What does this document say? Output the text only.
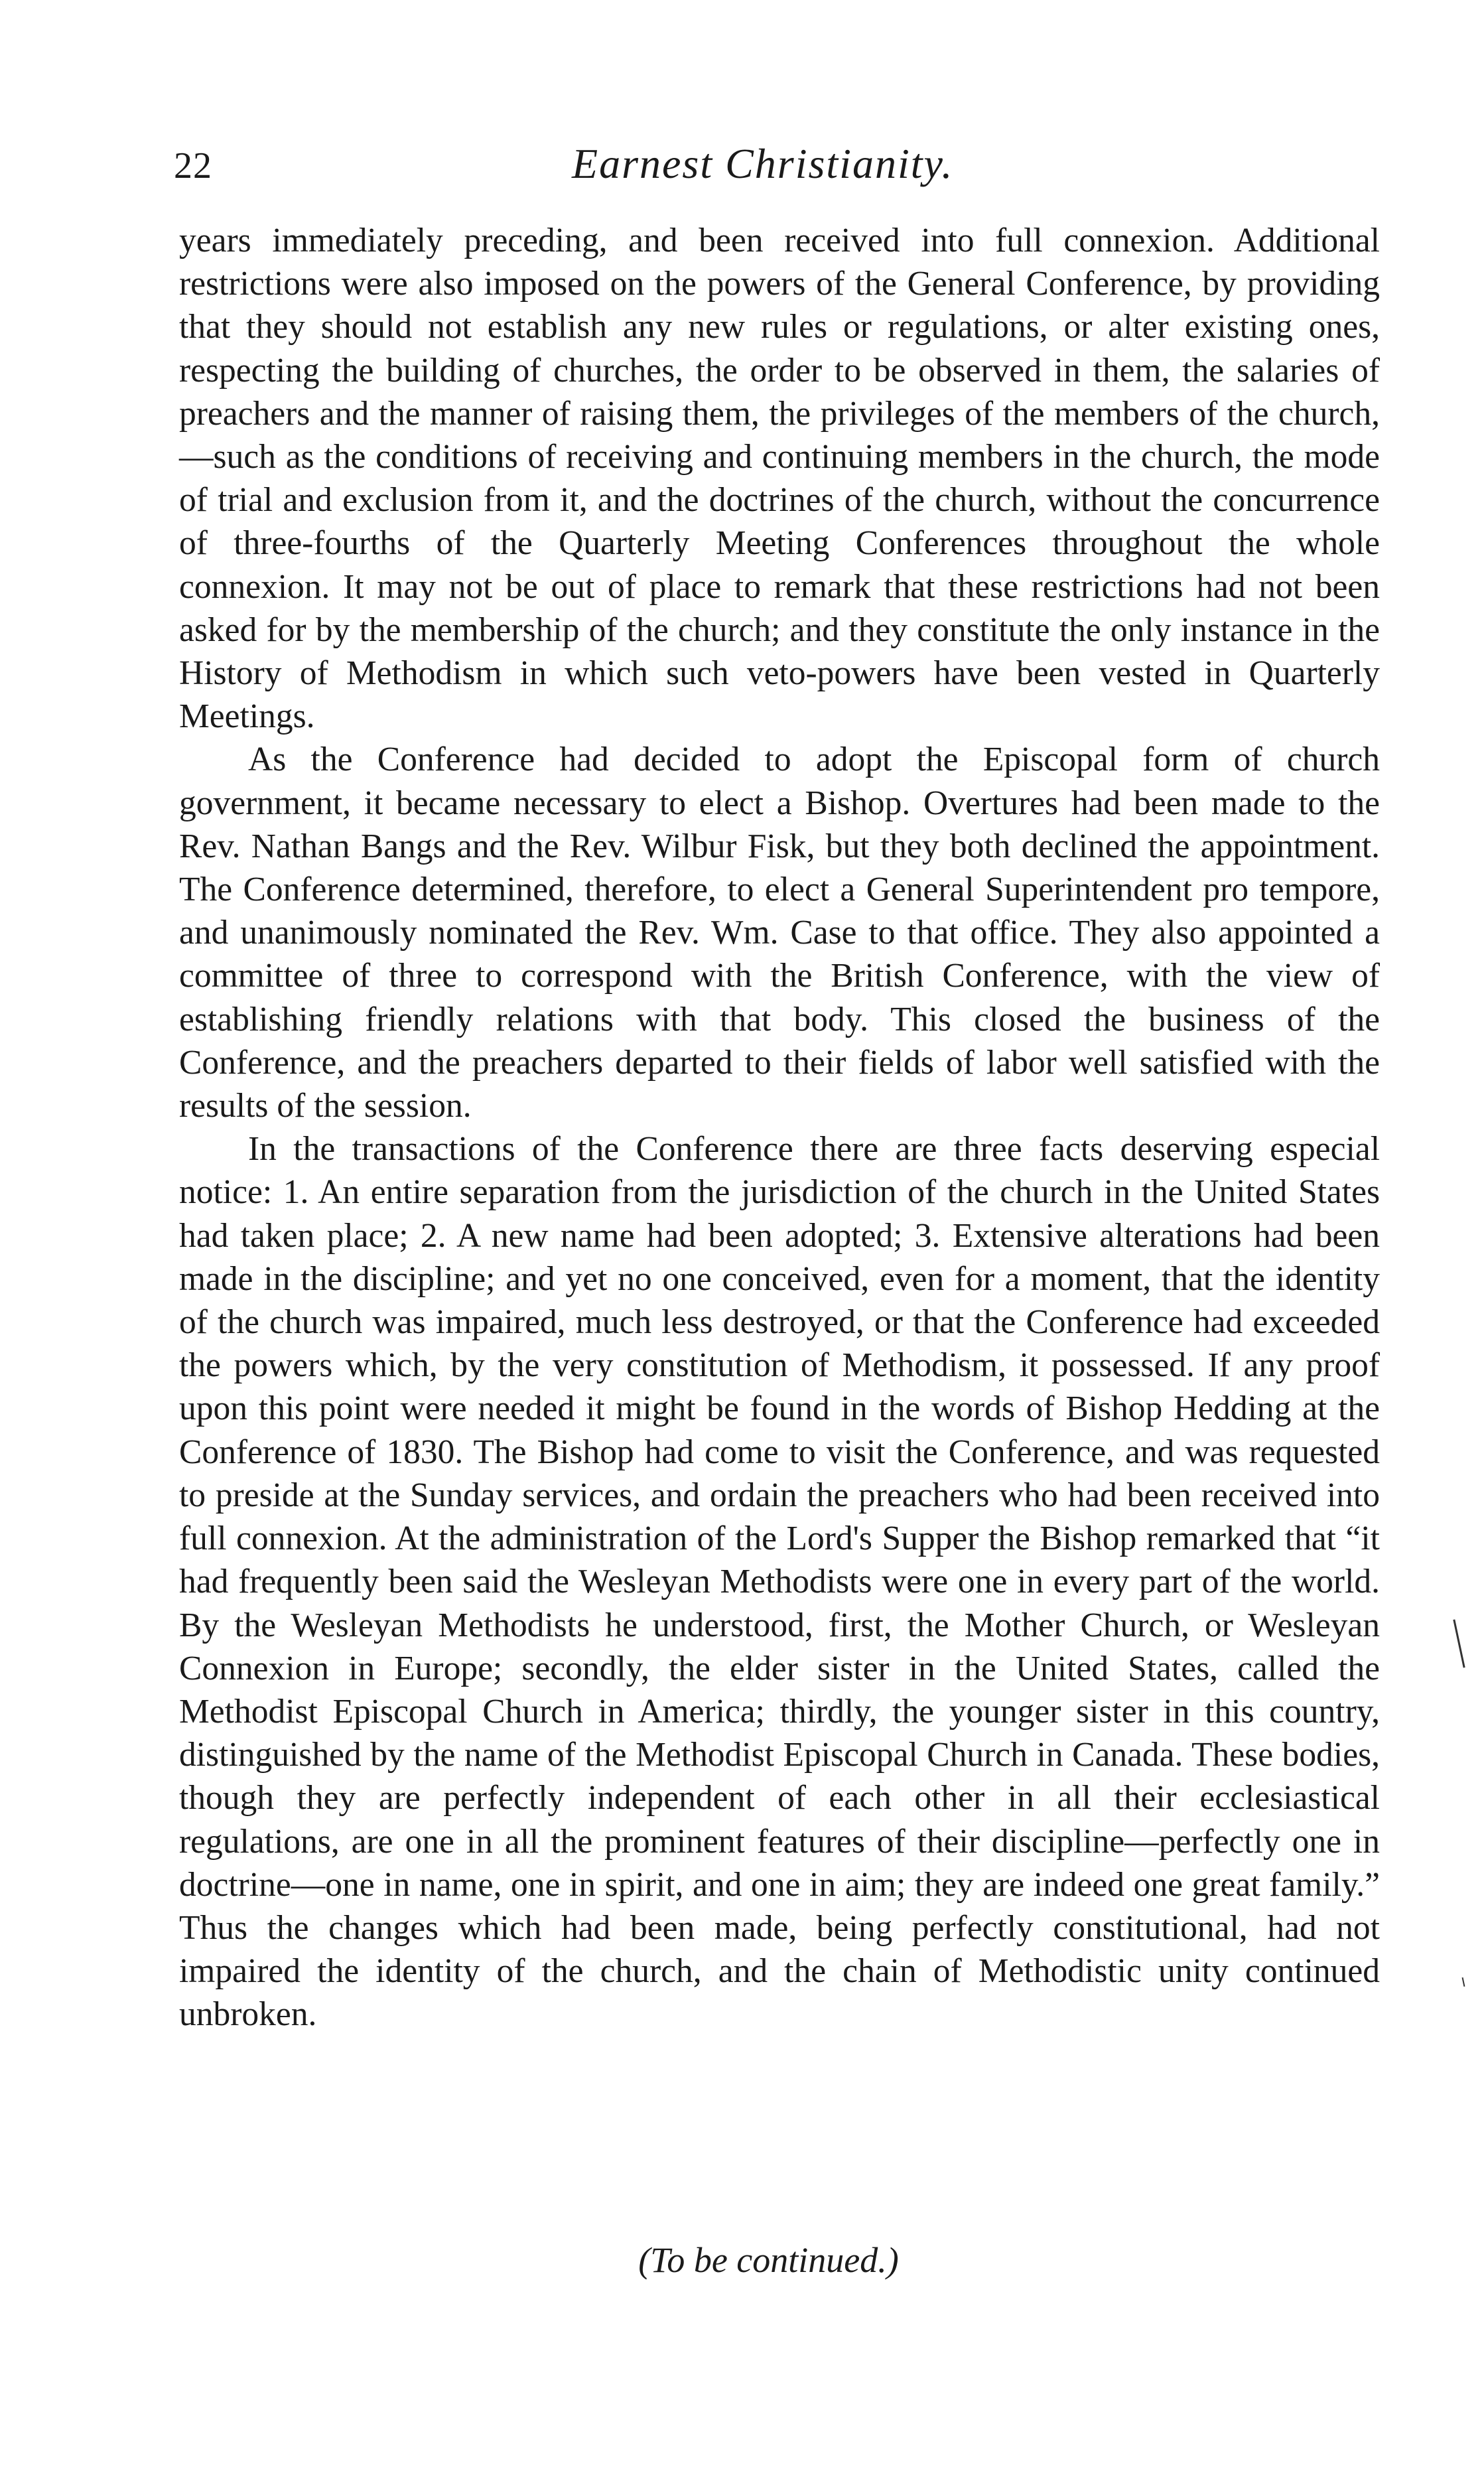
22	Earnest Christianity.

years immediately preceding, and been received into full connexion. Additional restrictions were also imposed on the powers of the General Conference, by providing that they should not establish any new rules or regulations, or alter existing ones, respecting the building of churches, the order to be observed in them, the salaries of preachers and the manner of raising them, the privileges of the members of the church,—such as the conditions of receiving and continuing members in the church, the mode of trial and exclusion from it, and the doctrines of the church, without the concurrence of three-fourths of the Quarterly Meeting Conferences throughout the whole connexion. It may not be out of place to remark that these restrictions had not been asked for by the membership of the church; and they constitute the only instance in the History of Methodism in which such veto-powers have been vested in Quarterly Meetings.

As the Conference had decided to adopt the Episcopal form of church government, it became necessary to elect a Bishop. Overtures had been made to the Rev. Nathan Bangs and the Rev. Wilbur Fisk, but they both declined the appointment. The Conference determined, therefore, to elect a General Superintendent pro tempore, and unanimously nominated the Rev. Wm. Case to that office. They also appointed a committee of three to correspond with the British Conference, with the view of establishing friendly relations with that body. This closed the business of the Conference, and the preachers departed to their fields of labor well satisfied with the results of the session.

In the transactions of the Conference there are three facts deserving especial notice: 1. An entire separation from the jurisdiction of the church in the United States had taken place; 2. A new name had been adopted; 3. Extensive alterations had been made in the discipline; and yet no one conceived, even for a moment, that the identity of the church was impaired, much less destroyed, or that the Conference had exceeded the powers which, by the very constitution of Methodism, it possessed. If any proof upon this point were needed it might be found in the words of Bishop Hedding at the Conference of 1830. The Bishop had come to visit the Conference, and was requested to preside at the Sunday services, and ordain the preachers who had been received into full connexion. At the administration of the Lord's Supper the Bishop remarked that “it had frequently been said the Wesleyan Methodists were one in every part of the world. By the Wesleyan Methodists he understood, first, the Mother Church, or Wesleyan Connexion in Europe; secondly, the elder sister in the United States, called the Methodist Episcopal Church in America; thirdly, the younger sister in this country, distinguished by the name of the Methodist Episcopal Church in Canada. These bodies, though they are perfectly independent of each other in all their ecclesiastical regulations, are one in all the prominent features of their discipline—perfectly one in doctrine—one in name, one in spirit, and one in aim; they are indeed one great family.” Thus the changes which had been made, being perfectly constitutional, had not impaired the identity of the church, and the chain of Methodistic unity continued unbroken.

(To be continued.)
